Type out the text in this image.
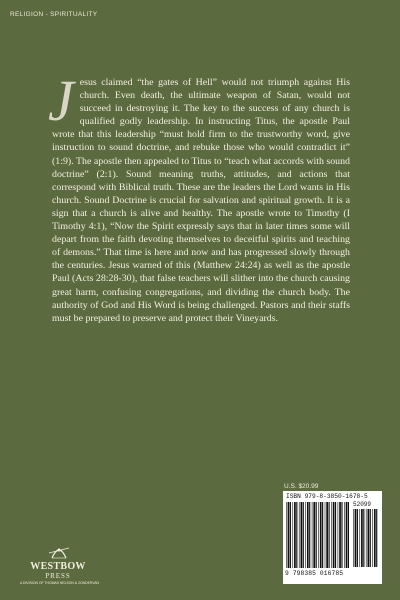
RELIGION - SPIRITUALITY
Jesus claimed “the gates of Hell” would not triumph against His church. Even death, the ultimate weapon of Satan, would not succeed in destroying it. The key to the success of any church is qualified godly leadership. In instructing Titus, the apostle Paul wrote that this leadership “must hold firm to the trustworthy word, give instruction to sound doctrine, and rebuke those who would contradict it” (1:9). The apostle then appealed to Titus to “teach what accords with sound doctrine” (2:1). Sound meaning truths, attitudes, and actions that correspond with Biblical truth. These are the leaders the Lord wants in His church. Sound Doctrine is crucial for salvation and spiritual growth. It is a sign that a church is alive and healthy. The apostle wrote to Timothy (I Timothy 4:1), “Now the Spirit expressly says that in later times some will depart from the faith devoting themselves to deceitful spirits and teaching of demons.” That time is here and now and has progressed slowly through the centuries. Jesus warned of this (Matthew 24:24) as well as the apostle Paul (Acts 28:28-30), that false teachers will slither into the church causing great harm, confusing congregations, and dividing the church body. The authority of God and His Word is being challenged. Pastors and their staffs must be prepared to preserve and protect their Vineyards.
U.S. $20.99
ISBN 979-8-3850-1678-5
52099
9 798385 016785
WESTBOW
PRESS
A DIVISION OF THOMAS NELSON & ZONDERVAN
